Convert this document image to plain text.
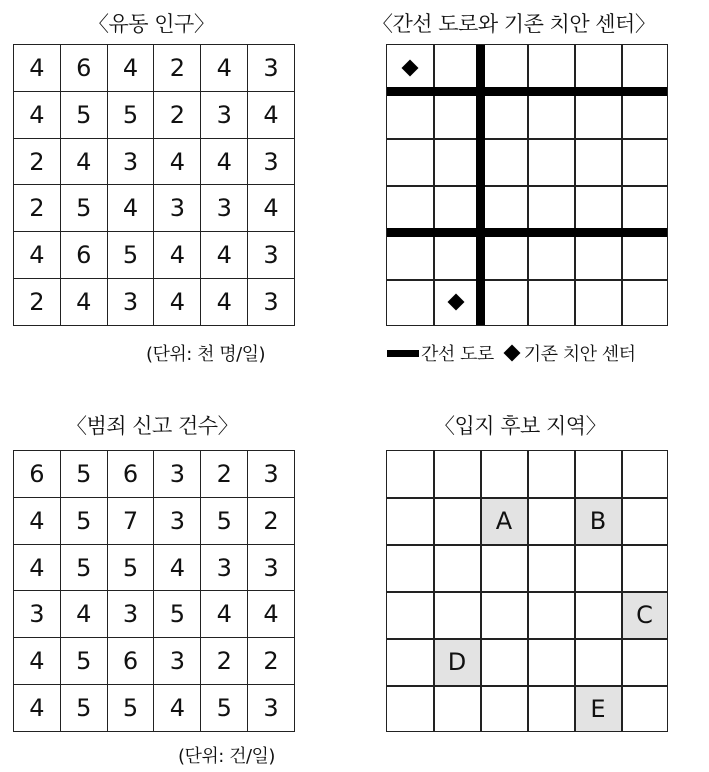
〈유동 인구〉
4	6	4	2	4	3
4	5	5	2	3	4
2	4	3	4	4	3
2	5	4	3	3	4
4	6	5	4	4	3
2	4	3	4	4	3
(단위: 천 명/일)
〈간선 도로와 기존 치안 센터〉
간선 도로 기존 치안 센터
〈범죄 신고 건수〉
6	5	6	3	2	3
4	5	7	3	5	2
4	5	5	4	3	3
3	4	3	5	4	4
4	5	6	3	2	2
4	5	5	4	5	3
(단위: 건/일)
〈입지 후보 지역〉
A	B
C
D
E
